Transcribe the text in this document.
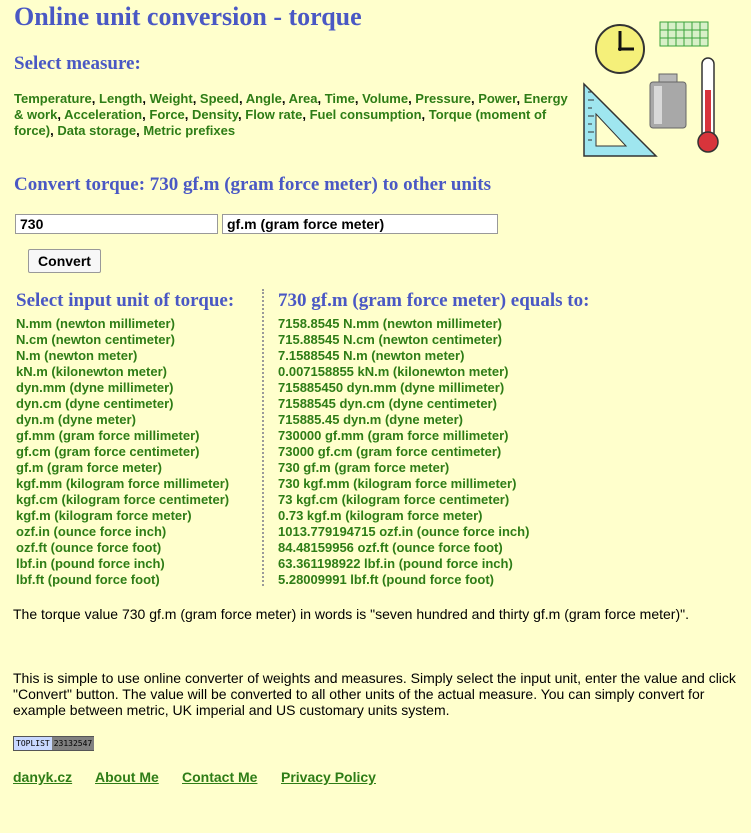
Online unit conversion - torque
Select measure:
Temperature, Length, Weight, Speed, Angle, Area, Time, Volume, Pressure, Power, Energy & work, Acceleration, Force, Density, Flow rate, Fuel consumption, Torque (moment of force), Data storage, Metric prefixes
Convert torque: 730 gf.m (gram force meter) to other units
730	gf.m (gram force meter)
Convert
Select input unit of torque: 730 gf.m (gram force meter) equals to:
N.mm (newton millimeter)
N.cm (newton centimeter)
N.m (newton meter)
kN.m (kilonewton meter)
dyn.mm (dyne millimeter)
dyn.cm (dyne centimeter)
dyn.m (dyne meter)
gf.mm (gram force millimeter)
gf.cm (gram force centimeter)
gf.m (gram force meter)
kgf.mm (kilogram force millimeter)
kgf.cm (kilogram force centimeter)
kgf.m (kilogram force meter)
ozf.in (ounce force inch)
ozf.ft (ounce force foot)
lbf.in (pound force inch)
lbf.ft (pound force foot)
7158.8545 N.mm (newton millimeter)
715.88545 N.cm (newton centimeter)
7.1588545 N.m (newton meter)
0.007158855 kN.m (kilonewton meter)
715885450 dyn.mm (dyne millimeter)
71588545 dyn.cm (dyne centimeter)
715885.45 dyn.m (dyne meter)
730000 gf.mm (gram force millimeter)
73000 gf.cm (gram force centimeter)
730 gf.m (gram force meter)
730 kgf.mm (kilogram force millimeter)
73 kgf.cm (kilogram force centimeter)
0.73 kgf.m (kilogram force meter)
1013.779194715 ozf.in (ounce force inch)
84.48159956 ozf.ft (ounce force foot)
63.361198922 lbf.in (pound force inch)
5.28009991 lbf.ft (pound force foot)
The torque value 730 gf.m (gram force meter) in words is "seven hundred and thirty gf.m (gram force meter)".
This is simple to use online converter of weights and measures. Simply select the input unit, enter the value and click "Convert" button. The value will be converted to all other units of the actual measure. You can simply convert for example between metric, UK imperial and US customary units system.
TOPLIST 23132547
danyk.cz About Me Contact Me Privacy Policy
